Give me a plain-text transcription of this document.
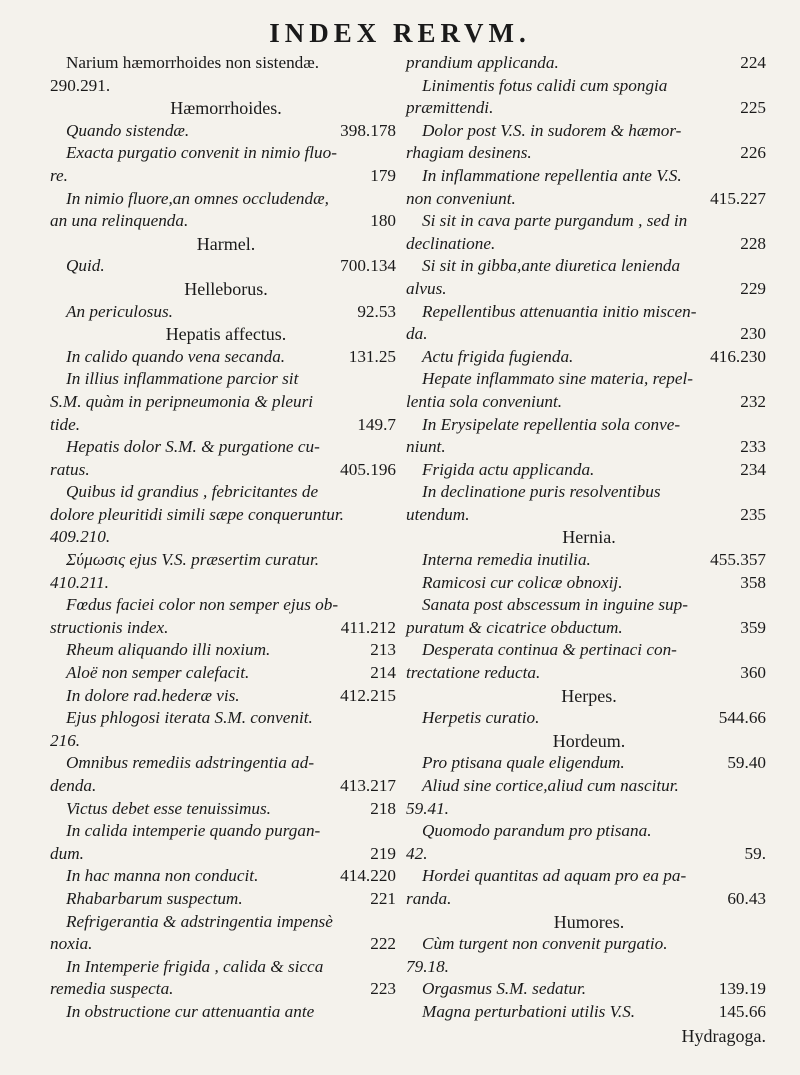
INDEX RERVM.
Narium hæmorrhoides non sistendæ.
290.291.
Hæmorrhoides.
Quando sistendæ.	398.178
Exacta purgatio convenit in nimio fluo-
re.	179
In nimio fluore,an omnes occludendæ,
an una relinquenda.	180
Harmel.
Quid.	700.134
Helleborus.
An periculosus.	92.53
Hepatis affectus.
In calido quando vena secanda.	131.25
In illius inflammatione parcior sit
S.M. quàm in peripneumonia & pleuri
tide.	149.7
Hepatis dolor S.M. & purgatione cu-
ratus.	405.196
Quibus id grandius , febricitantes de
dolore pleuritidi simili sæpe conqueruntur.
409.210.
Σύμωσις ejus V.S. præsertim curatur.
410.211.
Fœdus faciei color non semper ejus ob-
structionis index.	411.212
Rheum aliquando illi noxium.	213
Aloë non semper calefacit.	214
In dolore rad.hederæ vis.	412.215
Ejus phlogosi iterata S.M. convenit.
216.
Omnibus remediis adstringentia ad-
denda.	413.217
Victus debet esse tenuissimus.	218
In calida intemperie quando purgan-
dum.	219
In hac manna non conducit.	414.220
Rhabarbarum suspectum.	221
Refrigerantia & adstringentia impensè
noxia.	222
In Intemperie frigida , calida & sicca
remedia suspecta.	223
In obstructione cur attenuantia ante
prandium applicanda.	224
Linimentis fotus calidi cum spongia
præmittendi.	225
Dolor post V.S. in sudorem & hæmor-
rhagiam desinens.	226
In inflammatione repellentia ante V.S.
non conveniunt.	415.227
Si sit in cava parte purgandum , sed in
declinatione.	228
Si sit in gibba,ante diuretica lenienda
alvus.	229
Repellentibus attenuantia initio miscen-
da.	230
Actu frigida fugienda.	416.230
Hepate inflammato sine materia, repel-
lentia sola conveniunt.	232
In Erysipelate repellentia sola conve-
niunt.	233
Frigida actu applicanda.	234
In declinatione puris resolventibus
utendum.	235
Hernia.
Interna remedia inutilia.	455.357
Ramicosi cur colicæ obnoxij.	358
Sanata post abscessum in inguine sup-
puratum & cicatrice obductum.	359
Desperata continua & pertinaci con-
trectatione reducta.	360
Herpes.
Herpetis curatio.	544.66
Hordeum.
Pro ptisana quale eligendum.	59.40
Aliud sine cortice,aliud cum nascitur.
59.41.
Quomodo parandum pro ptisana.
42.	59.
Hordei quantitas ad aquam pro ea pa-
randa.	60.43
Humores.
Cùm turgent non convenit purgatio.
79.18.
Orgasmus S.M. sedatur.	139.19
Magna perturbationi utilis V.S.	145.66
Hydragoga.
